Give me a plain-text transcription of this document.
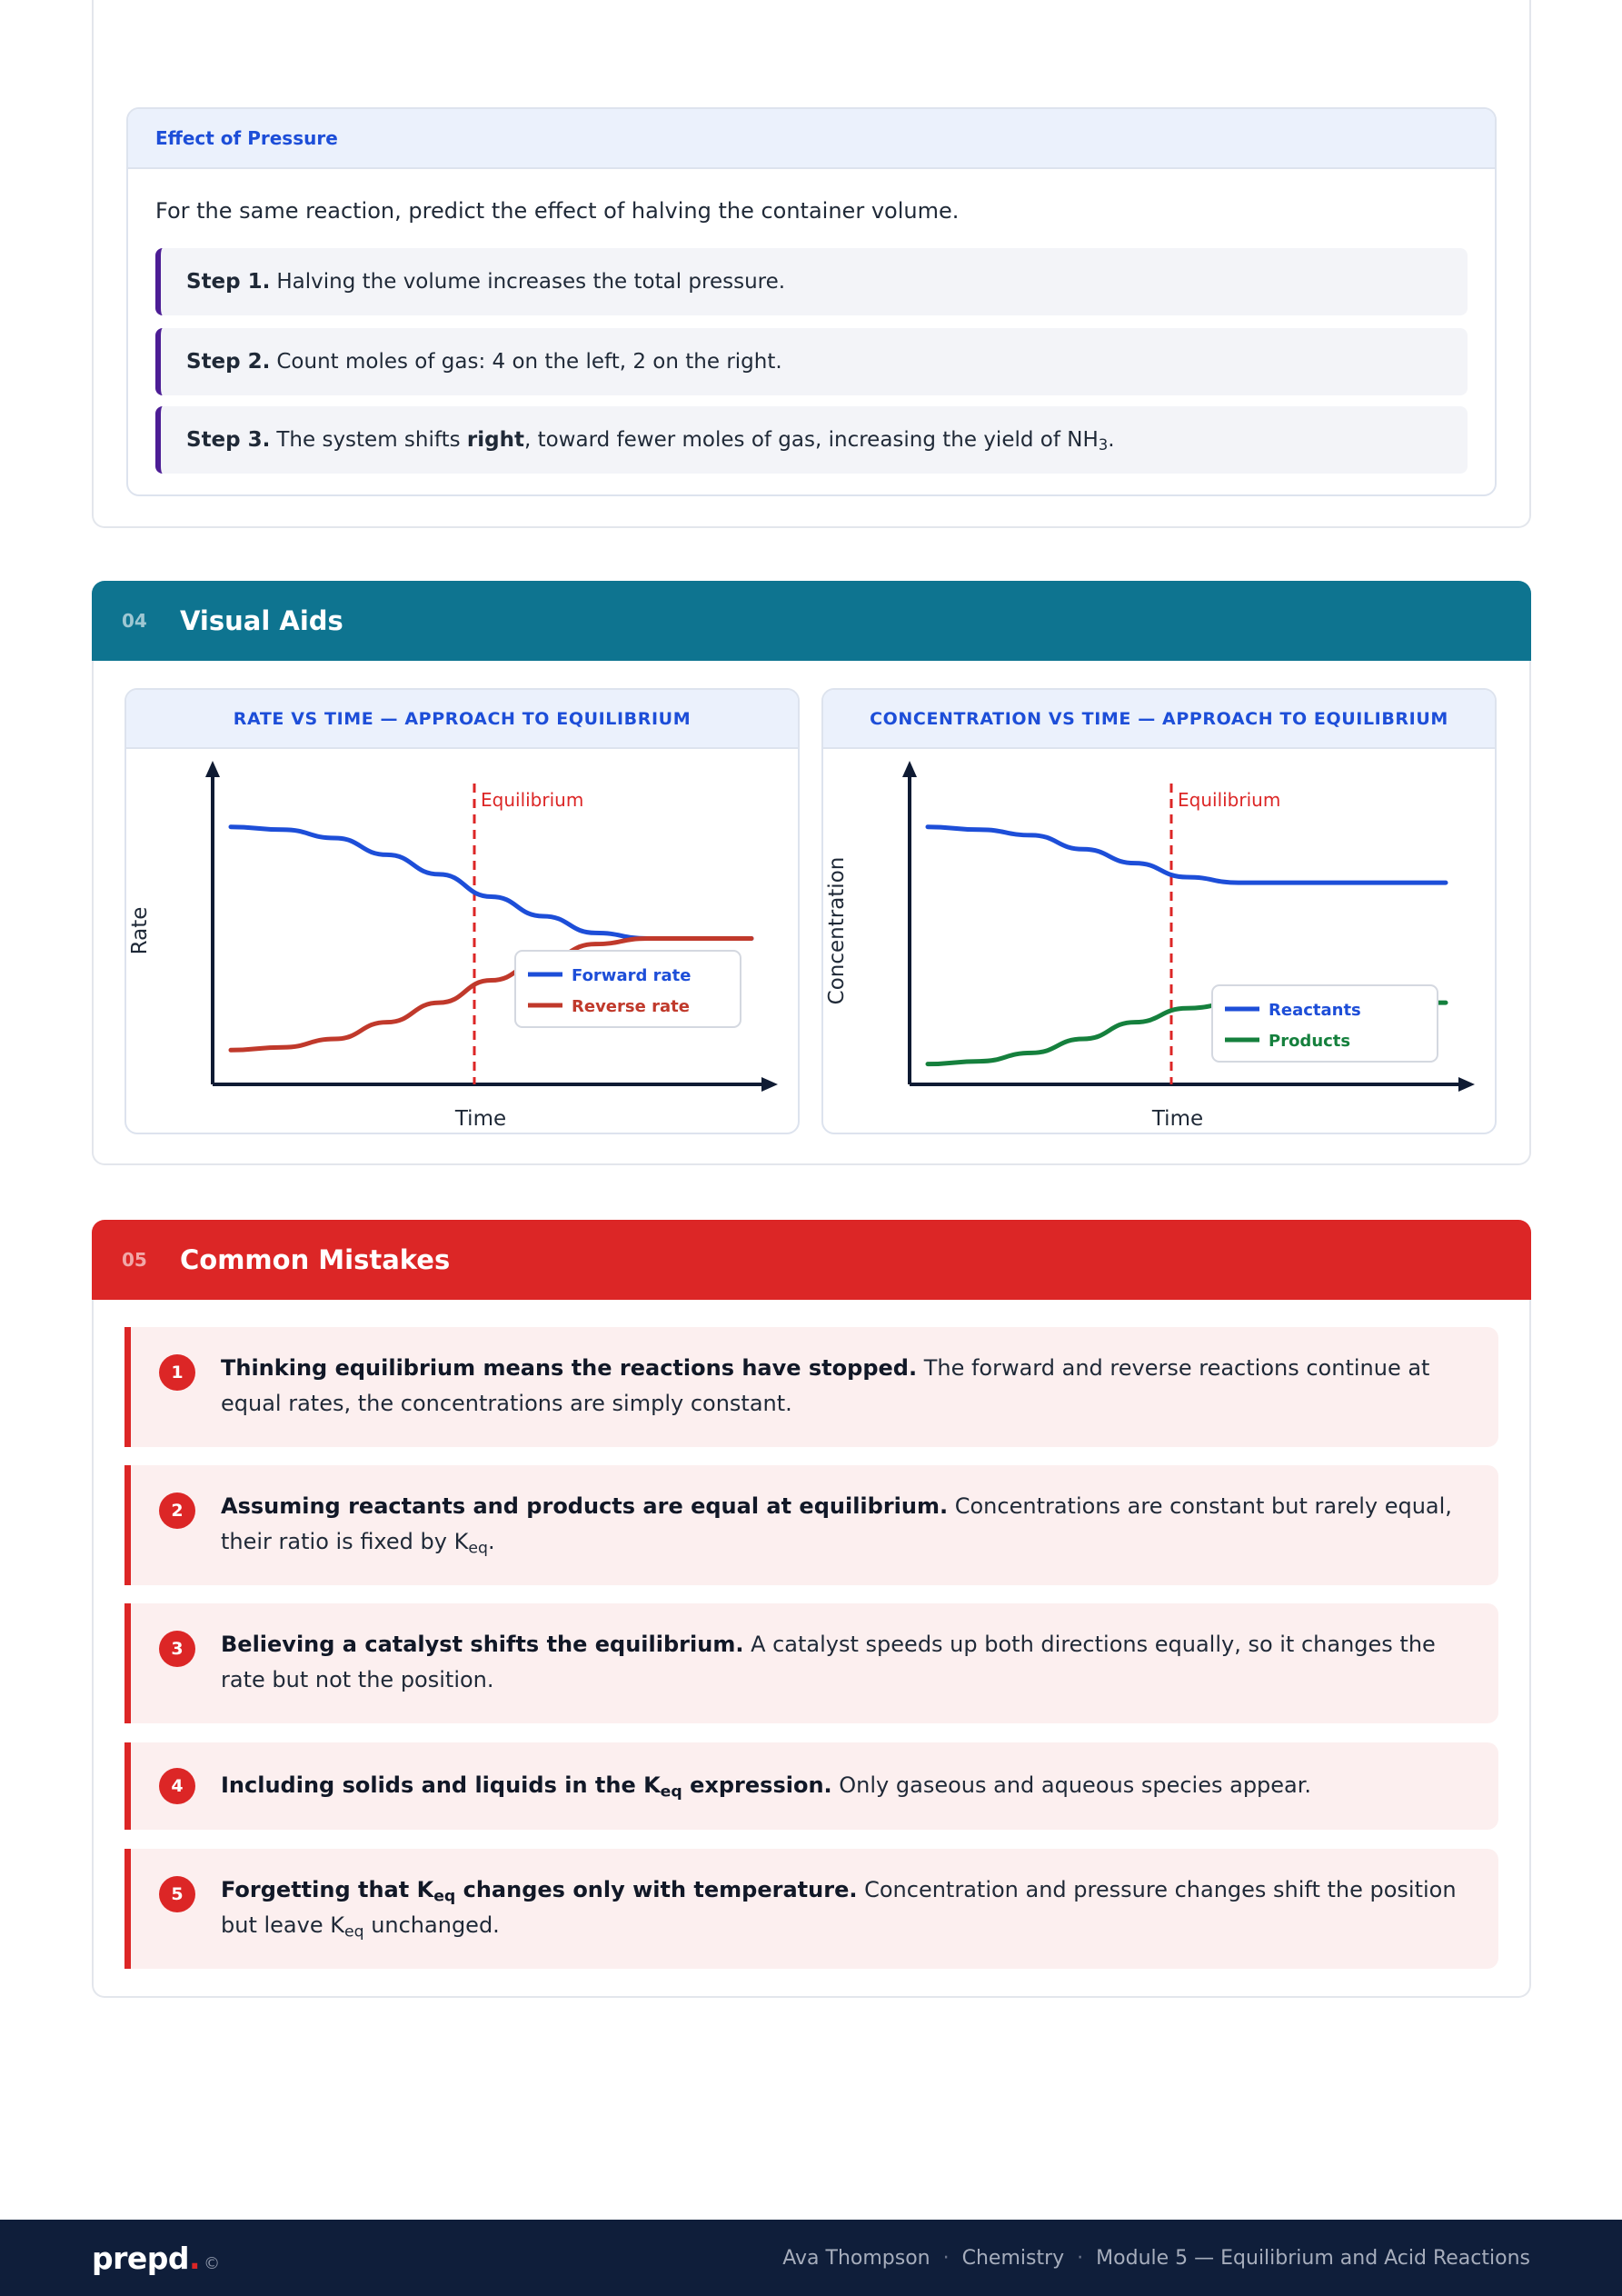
Effect of Pressure
For the same reaction, predict the effect of halving the container volume.
Step 1. Halving the volume increases the total pressure.
Step 2. Count moles of gas: 4 on the left, 2 on the right.
Step 3. The system shifts right, toward fewer moles of gas, increasing the yield of $NH_3$.
04	Visual Aids
RATE VS TIME — APPROACH TO EQUILIBRIUM
Equilibrium
Time
Rate
Forward rate
Reverse rate
CONCENTRATION VS TIME — APPROACH TO EQUILIBRIUM
Equilibrium
Time
Concentration
Reactants
Products
05	Common Mistakes
1	Thinking equilibrium means the reactions have stopped. The forward and reverse reactions continue at equal rates, the concentrations are simply constant.
2	Assuming reactants and products are equal at equilibrium. Concentrations are constant but rarely equal, their ratio is fixed by $K_{eq}$.
3	Believing a catalyst shifts the equilibrium. A catalyst speeds up both directions equally, so it changes the rate but not the position.
4	Including solids and liquids in the $K_{eq}$ expression. Only gaseous and aqueous species appear.
5	Forgetting that $K_{eq}$ changes only with temperature. Concentration and pressure changes shift the position but leave $K_{eq}$ unchanged.
prepd. ©	Ava Thompson · Chemistry · Module 5 — Equilibrium and Acid Reactions
